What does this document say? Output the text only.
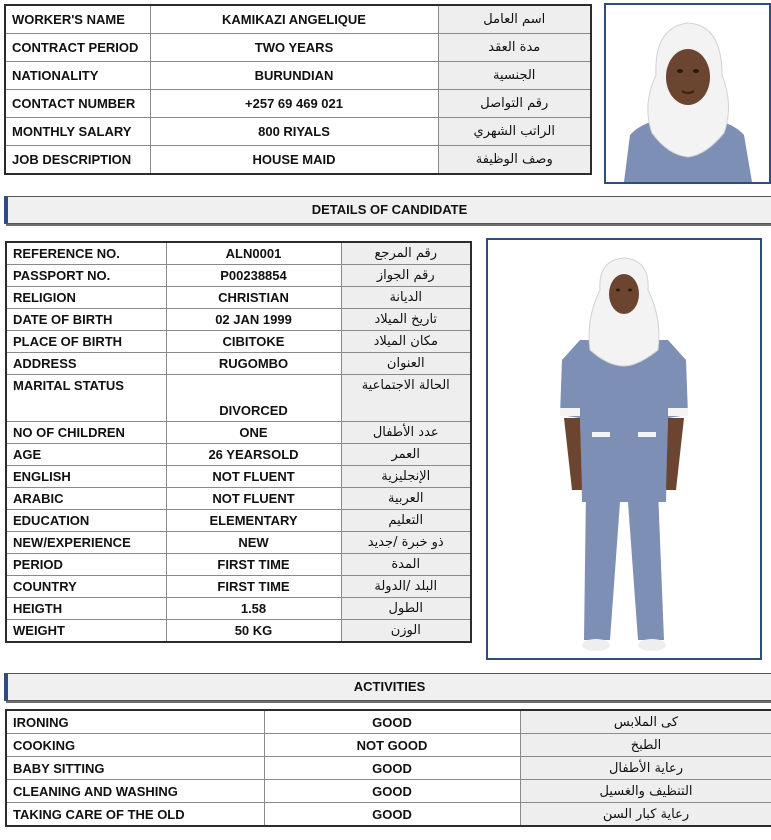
WORKER'S NAME	KAMIKAZI ANGELIQUE	اسم العامل
CONTRACT PERIOD	TWO YEARS	مدة العقد
NATIONALITY	BURUNDIAN	الجنسية
CONTACT NUMBER	+257 69 469 021	رقم التواصل
MONTHLY SALARY	800 RIYALS	الراتب الشهري
JOB DESCRIPTION	HOUSE MAID	وصف الوظيفة
DETAILS OF CANDIDATE
REFERENCE NO.	ALN0001	رقم المرجع
PASSPORT NO.	P00238854	رقم الجواز
RELIGION	CHRISTIAN	الديانة
DATE OF BIRTH	02 JAN 1999	تاريخ الميلاد
PLACE OF BIRTH	CIBITOKE	مكان الميلاد
ADDRESS	RUGOMBO	العنوان
MARITAL STATUS	DIVORCED	الحالة الاجتماعية
NO OF CHILDREN	ONE	عدد الأطفال
AGE	26 YEARSOLD	العمر
ENGLISH	NOT FLUENT	الإنجليزية
ARABIC	NOT FLUENT	العربية
EDUCATION	ELEMENTARY	التعليم
NEW/EXPERIENCE	NEW	ذو خبرة /جديد
PERIOD	FIRST TIME	المدة
COUNTRY	FIRST TIME	البلد /الدولة
HEIGTH	1.58	الطول
WEIGHT	50 KG	الوزن
ACTIVITIES
IRONING	GOOD	كى الملابس
COOKING	NOT GOOD	الطبخ
BABY SITTING	GOOD	رعاية الأطفال
CLEANING AND WASHING	GOOD	التنظيف والغسيل
TAKING CARE OF THE OLD	GOOD	رعاية كبار السن
